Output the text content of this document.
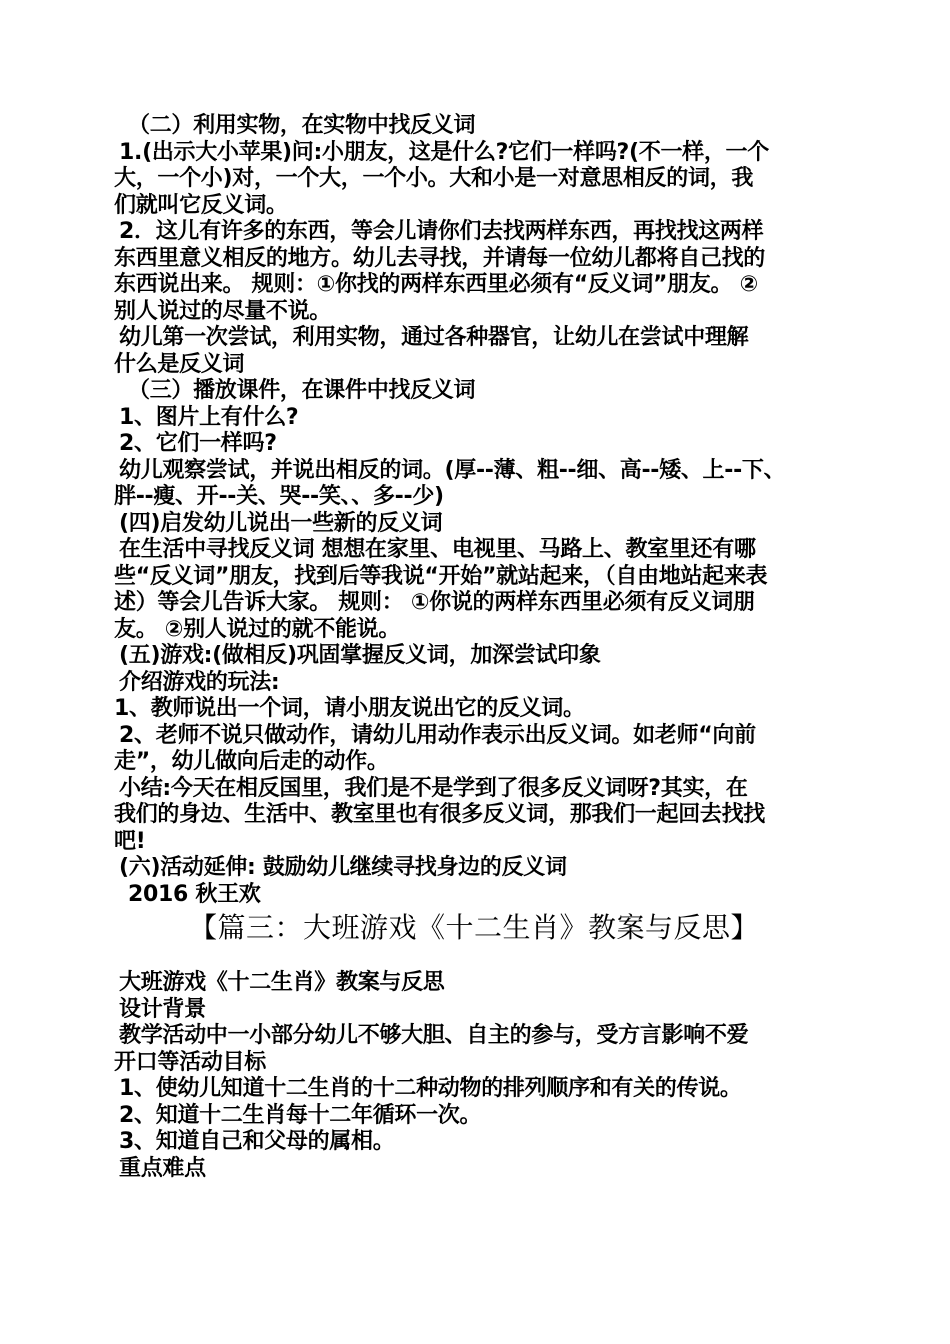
（二）利用实物，在实物中找反义词
1.(出示大小苹果)问:小朋友，这是什么?它们一样吗?(不一样，一个
大，一个小)对，一个大，一个小。大和小是一对意思相反的词，我
们就叫它反义词。
2．这儿有许多的东西，等会儿请你们去找两样东西，再找找这两样
东西里意义相反的地方。幼儿去寻找，并请每一位幼儿都将自己找的
东西说出来。 规则：①你找的两样东西里必须有“反义词”朋友。 ②
别人说过的尽量不说。
幼儿第一次尝试，利用实物，通过各种器官，让幼儿在尝试中理解
什么是反义词
（三）播放课件，在课件中找反义词
1、图片上有什么?
2、它们一样吗?
幼儿观察尝试，并说出相反的词。(厚--薄、粗--细、高--矮、上--下、
胖--瘦、开--关、哭--笑、、多--少)
(四)启发幼儿说出一些新的反义词
在生活中寻找反义词 想想在家里、电视里、马路上、教室里还有哪
些“反义词”朋友，找到后等我说“开始”就站起来，（自由地站起来表
述）等会儿告诉大家。 规则： ①你说的两样东西里必须有反义词朋
友。 ②别人说过的就不能说。
(五)游戏:(做相反)巩固掌握反义词，加深尝试印象
介绍游戏的玩法:
1、教师说出一个词，请小朋友说出它的反义词。
2、老师不说只做动作，请幼儿用动作表示出反义词。如老师“向前
走”，幼儿做向后走的动作。
小结:今天在相反国里，我们是不是学到了很多反义词呀?其实，在
我们的身边、生活中、教室里也有很多反义词，那我们一起回去找找
吧!
(六)活动延伸: 鼓励幼儿继续寻找身边的反义词
2016 秋王欢
【篇三：大班游戏《十二生肖》教案与反思】
大班游戏《十二生肖》教案与反思
设计背景
教学活动中一小部分幼儿不够大胆、自主的参与，受方言影响不爱
开口等活动目标
1、使幼儿知道十二生肖的十二种动物的排列顺序和有关的传说。
2、知道十二生肖每十二年循环一次。
3、知道自己和父母的属相。
重点难点
